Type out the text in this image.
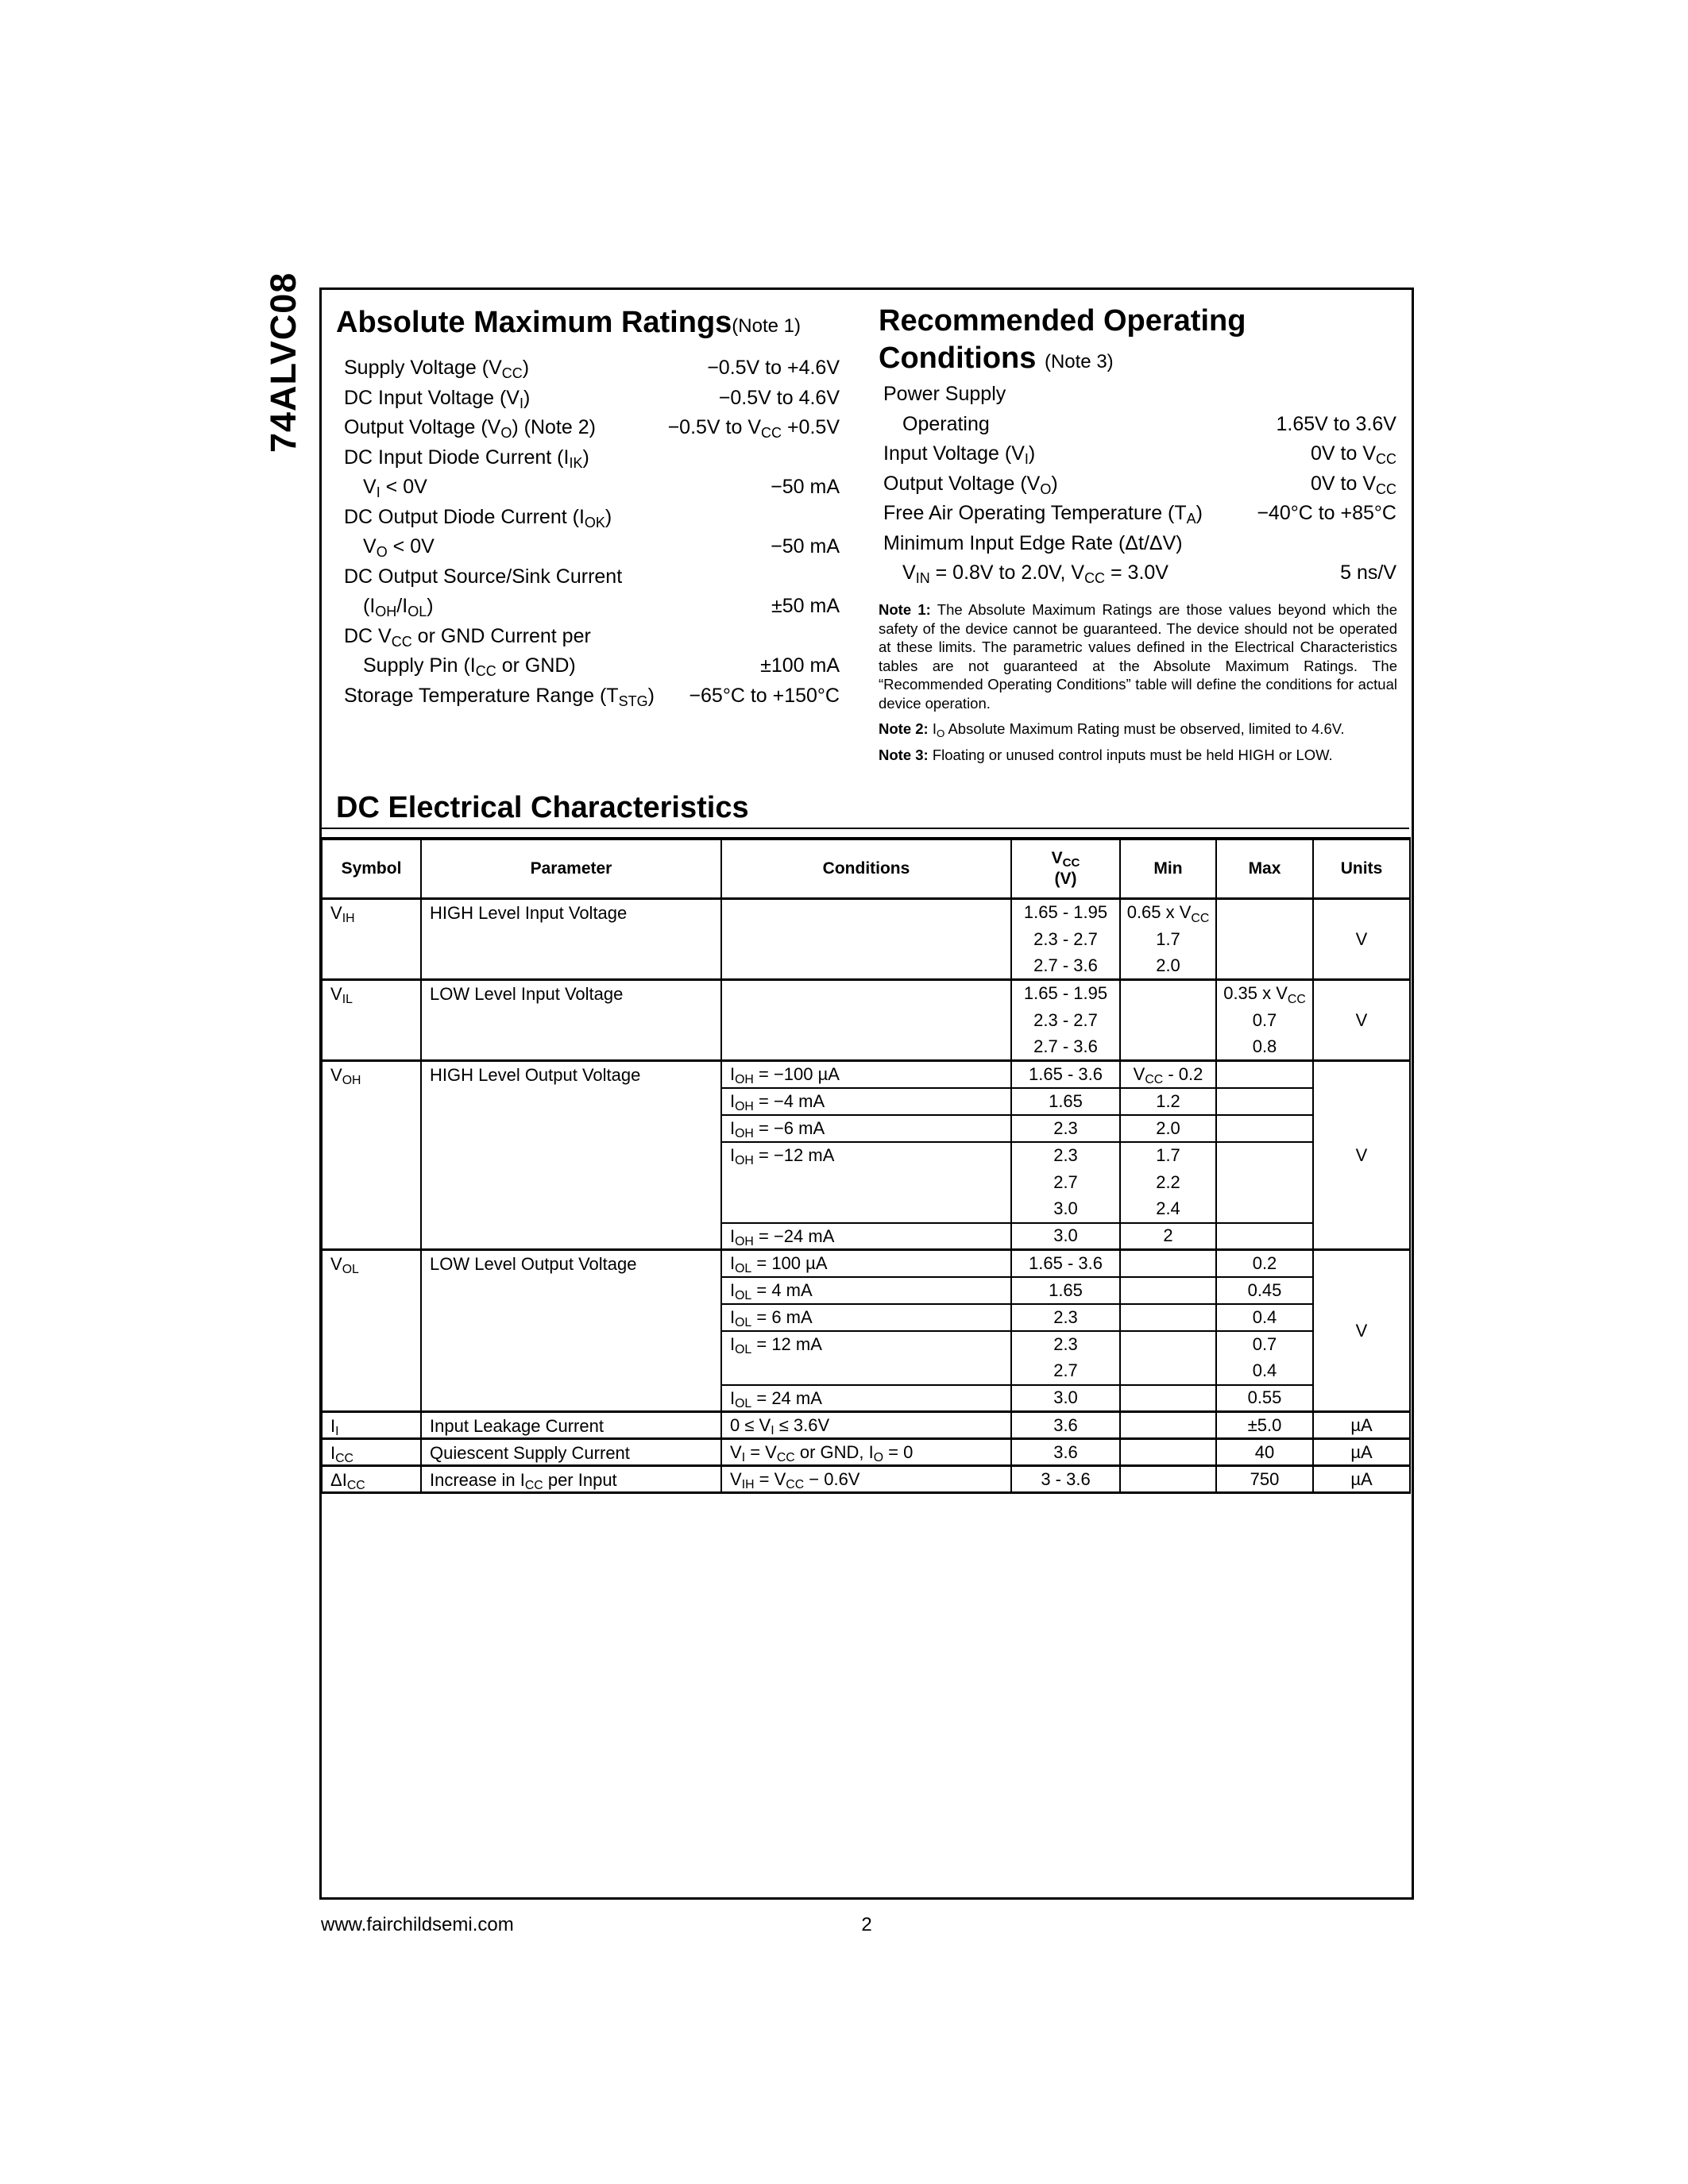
74ALVC08 Absolute Maximum Ratings(Note 1)
Supply Voltage $(V_{CC})$	−0.5V to +4.6V
DC Input Voltage $(V_I)$	−0.5V to 4.6V
Output Voltage $(V_O)$ (Note 2)	−0.5V to $V_{CC} +0.5V$
DC Input Diode Current $(I_{IK})$
$V_I < 0V$	−50 mA
DC Output Diode Current $(I_{OK})$
$V_O < 0V$	−50 mA
DC Output Source/Sink Current
$(I_{OH}/I_{OL})$	±50 mA
DC $V_{CC}$ or GND Current per
Supply Pin ($I_{CC}$ or GND)	±100 mA
Storage Temperature Range $(T_{STG}) -65^\circ C$ to +150°C
Recommended Operating
Conditions (Note 3)
Power Supply
Operating	1.65V to 3.6V
Input Voltage $(V_I)$	0V to $V_{CC}$
Output Voltage $(V_O)$	0V to $V_{CC}$
Free Air Operating Temperature $(T_A)$	−40°C to +85°C
Minimum Input Edge Rate (Δt/ΔV)
$V_{IN} = 0.8V$ to 2.0V, $V_{CC} = 3.0V$	5 ns/V

Note 1: The Absolute Maximum Ratings are those values beyond which the safety of the device cannot be guaranteed. The device should not be operated at these limits. The parametric values defined in the Electrical Characteristics tables are not guaranteed at the Absolute Maximum Ratings. The “Recommended Operating Conditions” table will define the conditions for actual device operation.

Note 2: $I_O$ Absolute Maximum Rating must be observed, limited to 4.6V.

Note 3: Floating or unused control inputs must be held HIGH or LOW.

DC Electrical Characteristics
Symbol	Parameter	Conditions	$V_{CC}$
(V)	Min	Max	Units
$V_{IH}$	HIGH Level Input Voltage		1.65 - 1.95	0.65 x $V_{CC}$		V
			2.3 - 2.7	1.7		
			2.7 - 3.6	2.0		
$V_{IL}$	LOW Level Input Voltage		1.65 - 1.95		0.35 x $V_{CC}$	V
			2.3 - 2.7		0.7	
			2.7 - 3.6		0.8	
$V_{OH}$	HIGH Level Output Voltage	$I_{OH} = -100$ µA	1.65 - 3.6	$V_{CC} - 0.2$		V
		$I_{OH} = -4$ mA	1.65	1.2		
		$I_{OH} = -6$ mA	2.3	2.0		
		$I_{OH} = -12$ mA	2.3	1.7		
			2.7	2.2		
			3.0	2.4		
		$I_{OH} = -24$ mA	3.0	2		
$V_{OL}$	LOW Level Output Voltage	$I_{OL} = 100$ µA	1.65 - 3.6		0.2	V
		$I_{OL} = 4$ mA	1.65		0.45	
		$I_{OL} = 6$ mA	2.3		0.4	
		$I_{OL} = 12$ mA	2.3		0.7	
			2.7		0.4	
		$I_{OL} = 24$ mA	3.0		0.55	
$I_I$	Input Leakage Current	$0 \le V_I \le 3.6V$	3.6		±5.0	µA
$I_{CC}$	Quiescent Supply Current	$V_I = V_{CC}$ or GND, $I_O = 0$	3.6		40	µA
$\Delta I_{CC}$	Increase in $I_{CC}$ per Input	$V_{IH} = V_{CC} - 0.6V$	3 - 3.6		750	µA
www.fairchildsemi.com	2
